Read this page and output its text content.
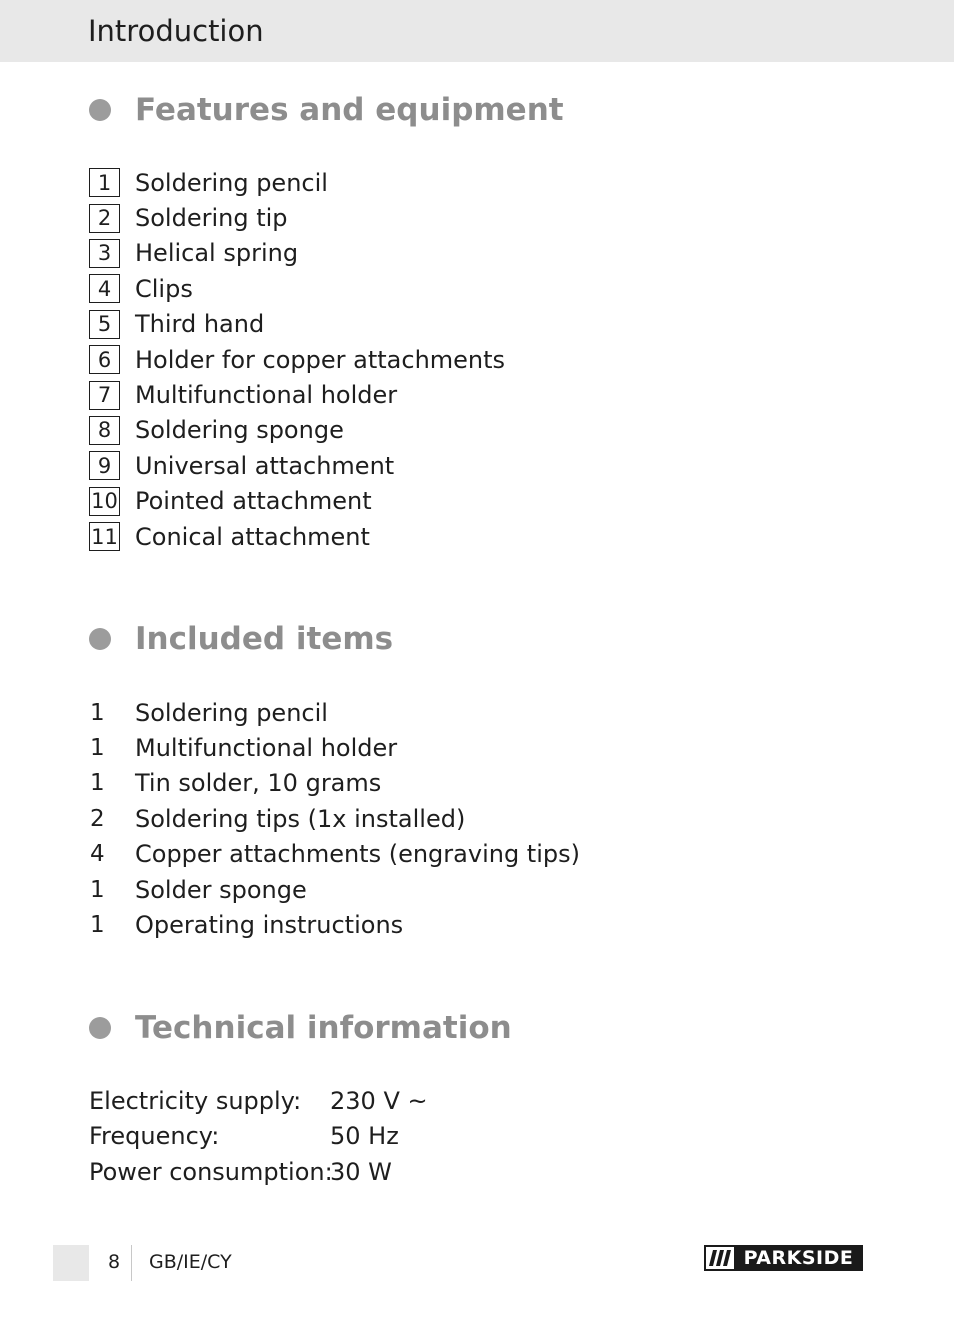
Introduction
Features and equipment
1 Soldering pencil
2 Soldering tip
3 Helical spring
4 Clips
5 Third hand
6 Holder for copper attachments
7 Multifunctional holder
8 Soldering sponge
9 Universal attachment
10 Pointed attachment
11 Conical attachment
Included items
1	Soldering pencil
1	Multifunctional holder
1	Tin solder, 10 grams
2	Soldering tips (1x installed)
4	Copper attachments (engraving tips)
1	Solder sponge
1	Operating instructions
Technical information
Electricity supply: 230 V ~
Frequency:	50 Hz
Power consumption:
30 W
8 GB/IE/CY	PARKSIDE
